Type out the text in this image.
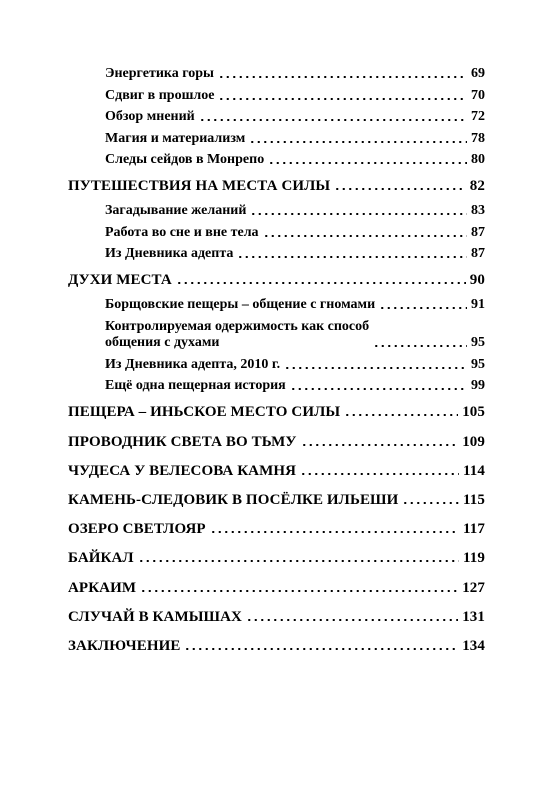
Энергетика горы	69
Сдвиг в прошлое	70
Обзор мнений	72
Магия и материализм	78
Следы сейдов в Монрепо	80
ПУТЕШЕСТВИЯ НА МЕСТА СИЛЫ	82
Загадывание желаний	83
Работа во сне и вне тела	87
Из Дневника адепта	87
ДУХИ МЕСТА	90
Борщовские пещеры – общение с гномами	91
Контролируемая одержимость как способ
общения с духами	95
Из Дневника адепта, 2010 г.	95
Ещё одна пещерная история	99
ПЕЩЕРА – ИНЬСКОЕ МЕСТО СИЛЫ	105
ПРОВОДНИК СВЕТА ВО ТЬМУ	109
ЧУДЕСА У ВЕЛЕСОВА КАМНЯ	114
КАМЕНЬ-СЛЕДОВИК В ПОСЁЛКЕ ИЛЬЕШИ	115
ОЗЕРО СВЕТЛОЯР	117
БАЙКАЛ	119
АРКАИМ	127
СЛУЧАЙ В КАМЫШАХ	131
ЗАКЛЮЧЕНИЕ	134
